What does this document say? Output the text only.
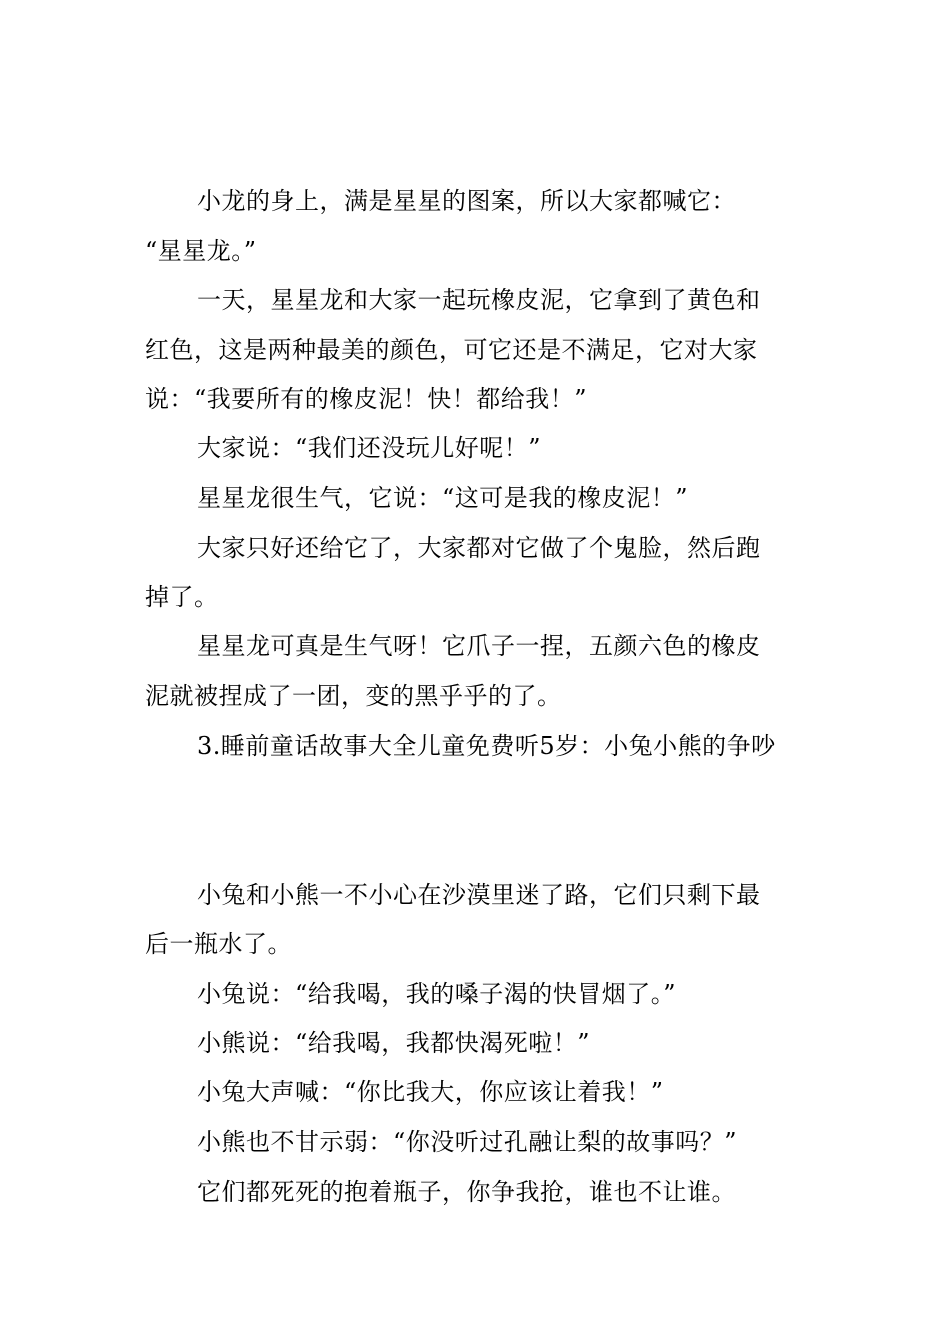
小龙的身上，满是星星的图案，所以大家都喊它：
“星星龙。”
一天，星星龙和大家一起玩橡皮泥，它拿到了黄色和
红色，这是两种最美的颜色，可它还是不满足，它对大家
说：“我要所有的橡皮泥！快！都给我！”
大家说：“我们还没玩儿好呢！”
星星龙很生气，它说：“这可是我的橡皮泥！”
大家只好还给它了，大家都对它做了个鬼脸，然后跑
掉了。
星星龙可真是生气呀！它爪子一捏，五颜六色的橡皮
泥就被捏成了一团，变的黑乎乎的了。
3.睡前童话故事大全儿童免费听5岁：小兔小熊的争吵
小兔和小熊一不小心在沙漠里迷了路，它们只剩下最
后一瓶水了。
小兔说：“给我喝，我的嗓子渴的快冒烟了。”
小熊说：“给我喝，我都快渴死啦！”
小兔大声喊：“你比我大，你应该让着我！”
小熊也不甘示弱：“你没听过孔融让梨的故事吗？”
它们都死死的抱着瓶子，你争我抢，谁也不让谁。
